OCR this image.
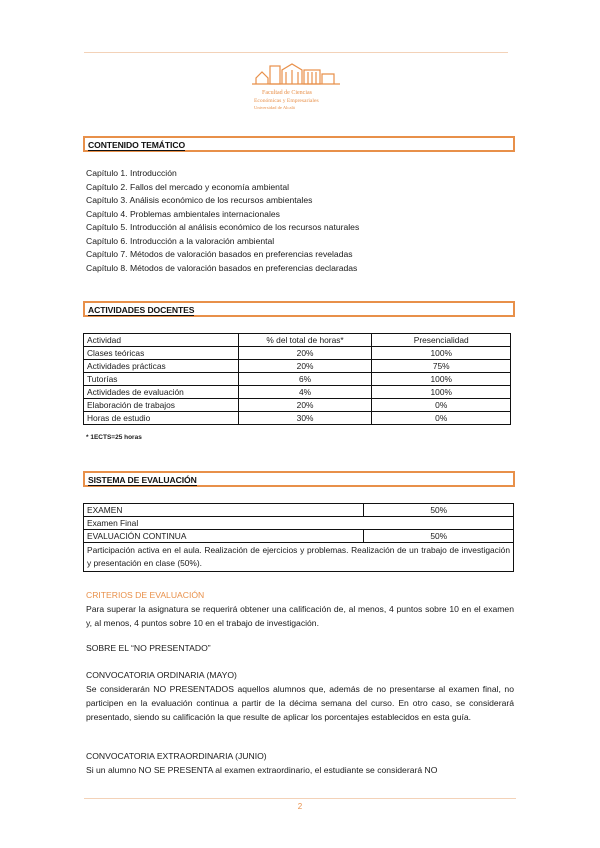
Facultad de Ciencias
Económicas y Empresariales
Universidad de Alcalá
CONTENIDO TEMÁTICO
Capítulo 1. Introducción
Capítulo 2. Fallos del mercado y economía ambiental
Capítulo 3. Análisis económico de los recursos ambientales
Capítulo 4. Problemas ambientales internacionales
Capítulo 5. Introducción al análisis económico de los recursos naturales
Capítulo 6. Introducción a la valoración ambiental
Capítulo 7. Métodos de valoración basados en preferencias reveladas
Capítulo 8. Métodos de valoración basados en preferencias declaradas
ACTIVIDADES DOCENTES
Actividad	% del total de horas*	Presencialidad
Clases teóricas	20%	100%
Actividades prácticas	20%	75%
Tutorías	6%	100%
Actividades de evaluación	4%	100%
Elaboración de trabajos	20%	0%
Horas de estudio	30%	0%
* 1ECTS=25 horas
SISTEMA DE EVALUACIÓN
EXAMEN	50%
Examen Final	
EVALUACIÓN CONTINUA	50%
Participación activa en el aula. Realización de ejercicios y problemas. Realización de un trabajo de investigación y presentación en clase (50%).	
CRITERIOS DE EVALUACIÓN
Para superar la asignatura se requerirá obtener una calificación de, al menos, 4 puntos sobre 10 en el examen y, al menos, 4 puntos sobre 10 en el trabajo de investigación.
SOBRE EL “NO PRESENTADO”
CONVOCATORIA ORDINARIA (MAYO)
Se considerarán NO PRESENTADOS aquellos alumnos que, además de no presentarse al examen final, no participen en la evaluación continua a partir de la décima semana del curso. En otro caso, se considerará presentado, siendo su calificación la que resulte de aplicar los porcentajes establecidos en esta guía.
CONVOCATORIA EXTRAORDINARIA (JUNIO)
Si un alumno NO SE PRESENTA al examen extraordinario, el estudiante se considerará NO
2
